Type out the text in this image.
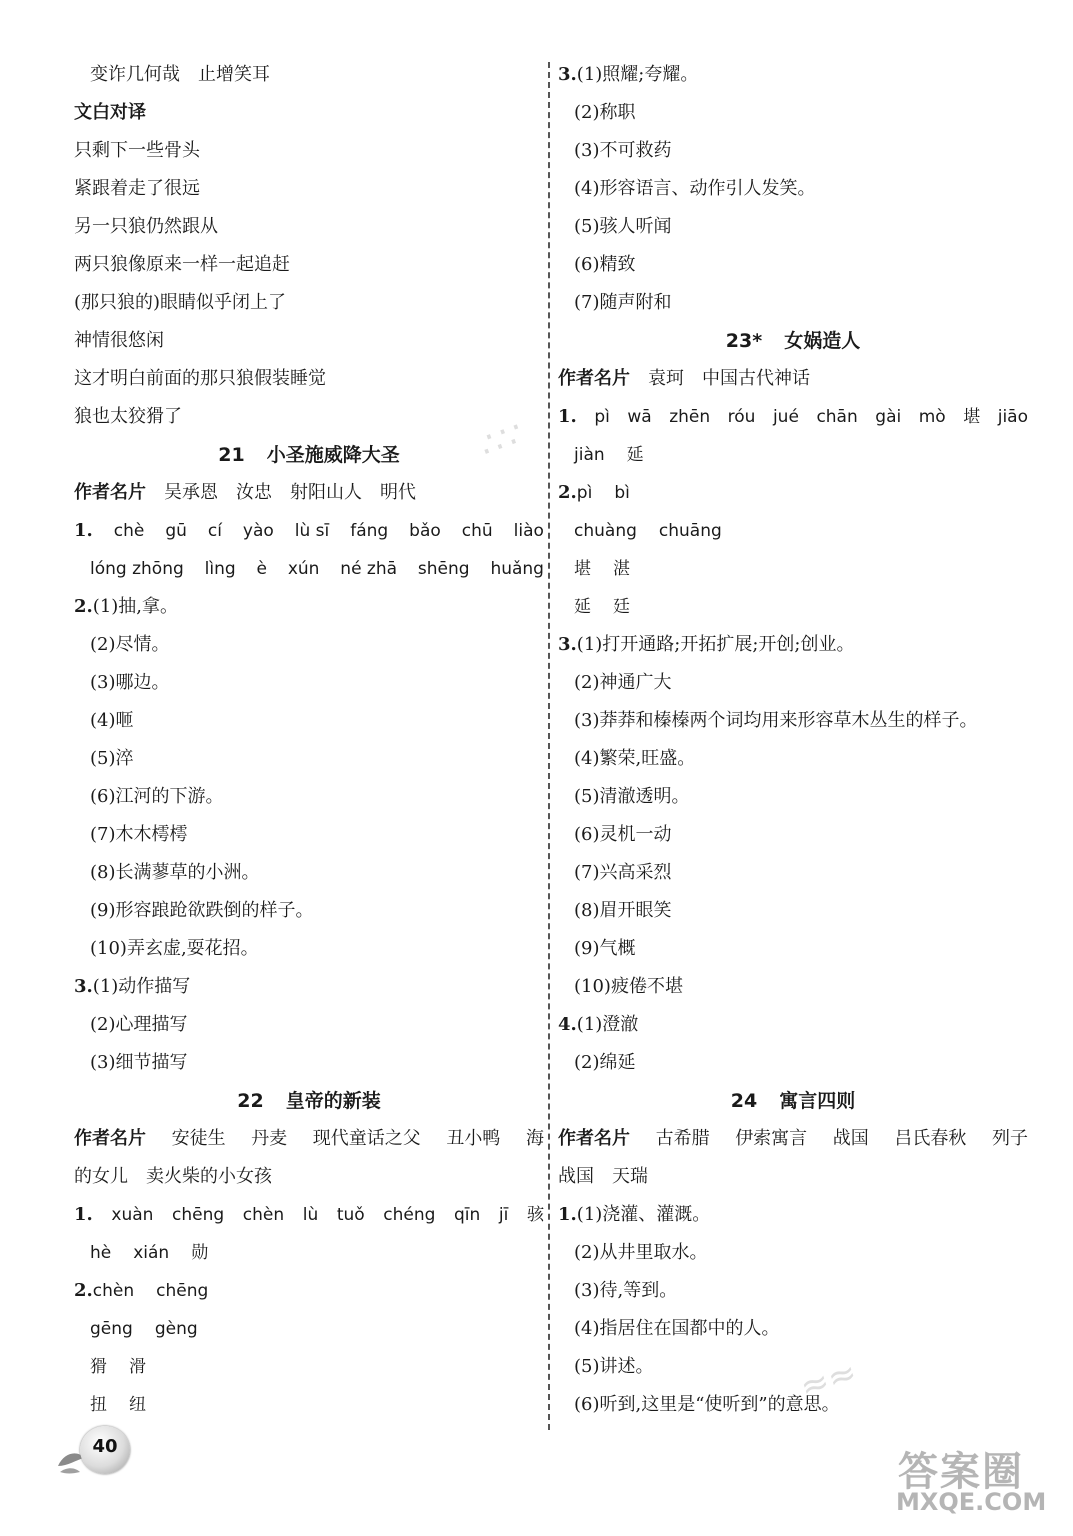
变诈几何哉　止增笑耳
文白对译
只剩下一些骨头
紧跟着走了很远
另一只狼仍然跟从
两只狼像原来一样一起追赶
(那只狼的)眼睛似乎闭上了
神情很悠闲
这才明白前面的那只狼假装睡觉
狼也太狡猾了
21 小圣施威降大圣
作者名片　吴承恩　汝忠　射阳山人　明代
1. chè gū cí yào lù sī fáng bǎo chū liào
lóng zhōng lìng è xún né zhā shēng huǎng
2.(1)抽,拿。
(2)尽情。
(3)哪边。
(4)咂
(5)淬
(6)江河的下游。
(7)木木樗樗
(8)长满蓼草的小洲。
(9)形容踉跄欲跌倒的样子。
(10)弄玄虚,耍花招。
3.(1)动作描写
(2)心理描写
(3)细节描写
22 皇帝的新装
作者名片 安徒生 丹麦 现代童话之父 丑小鸭 海
的女儿　卖火柴的小女孩
1. xuàn chēng chèn lù tuǒ chéng qīn jī 骇
hè xián 勋
2. chèn chēng
gēng gèng
猾 滑
扭 纽
3.(1)照耀;夸耀。
(2)称职
(3)不可救药
(4)形容语言、动作引人发笑。
(5)骇人听闻
(6)精致
(7)随声附和
23* 女娲造人
作者名片　袁珂　中国古代神话
1. pì wā zhēn róu jué chān gài mò 堪 jiāo
jiàn 延
2. pì bì
chuàng chuāng
堪 湛
延 廷
3.(1)打开通路;开拓扩展;开创;创业。
(2)神通广大
(3)莽莽和榛榛两个词均用来形容草木丛生的样子。
(4)繁荣,旺盛。
(5)清澈透明。
(6)灵机一动
(7)兴高采烈
(8)眉开眼笑
(9)气概
(10)疲倦不堪
4.(1)澄澈
(2)绵延
24 寓言四则
作者名片 古希腊 伊索寓言 战国 吕氏春秋 列子
战国　天瑞
1.(1)浇灌、灌溉。
(2)从井里取水。
(3)待,等到。
(4)指居住在国都中的人。
(5)讲述。
(6)听到,这里是“使听到”的意思。
40
∴∵
≈≈
答案圈
MXQE.COM
